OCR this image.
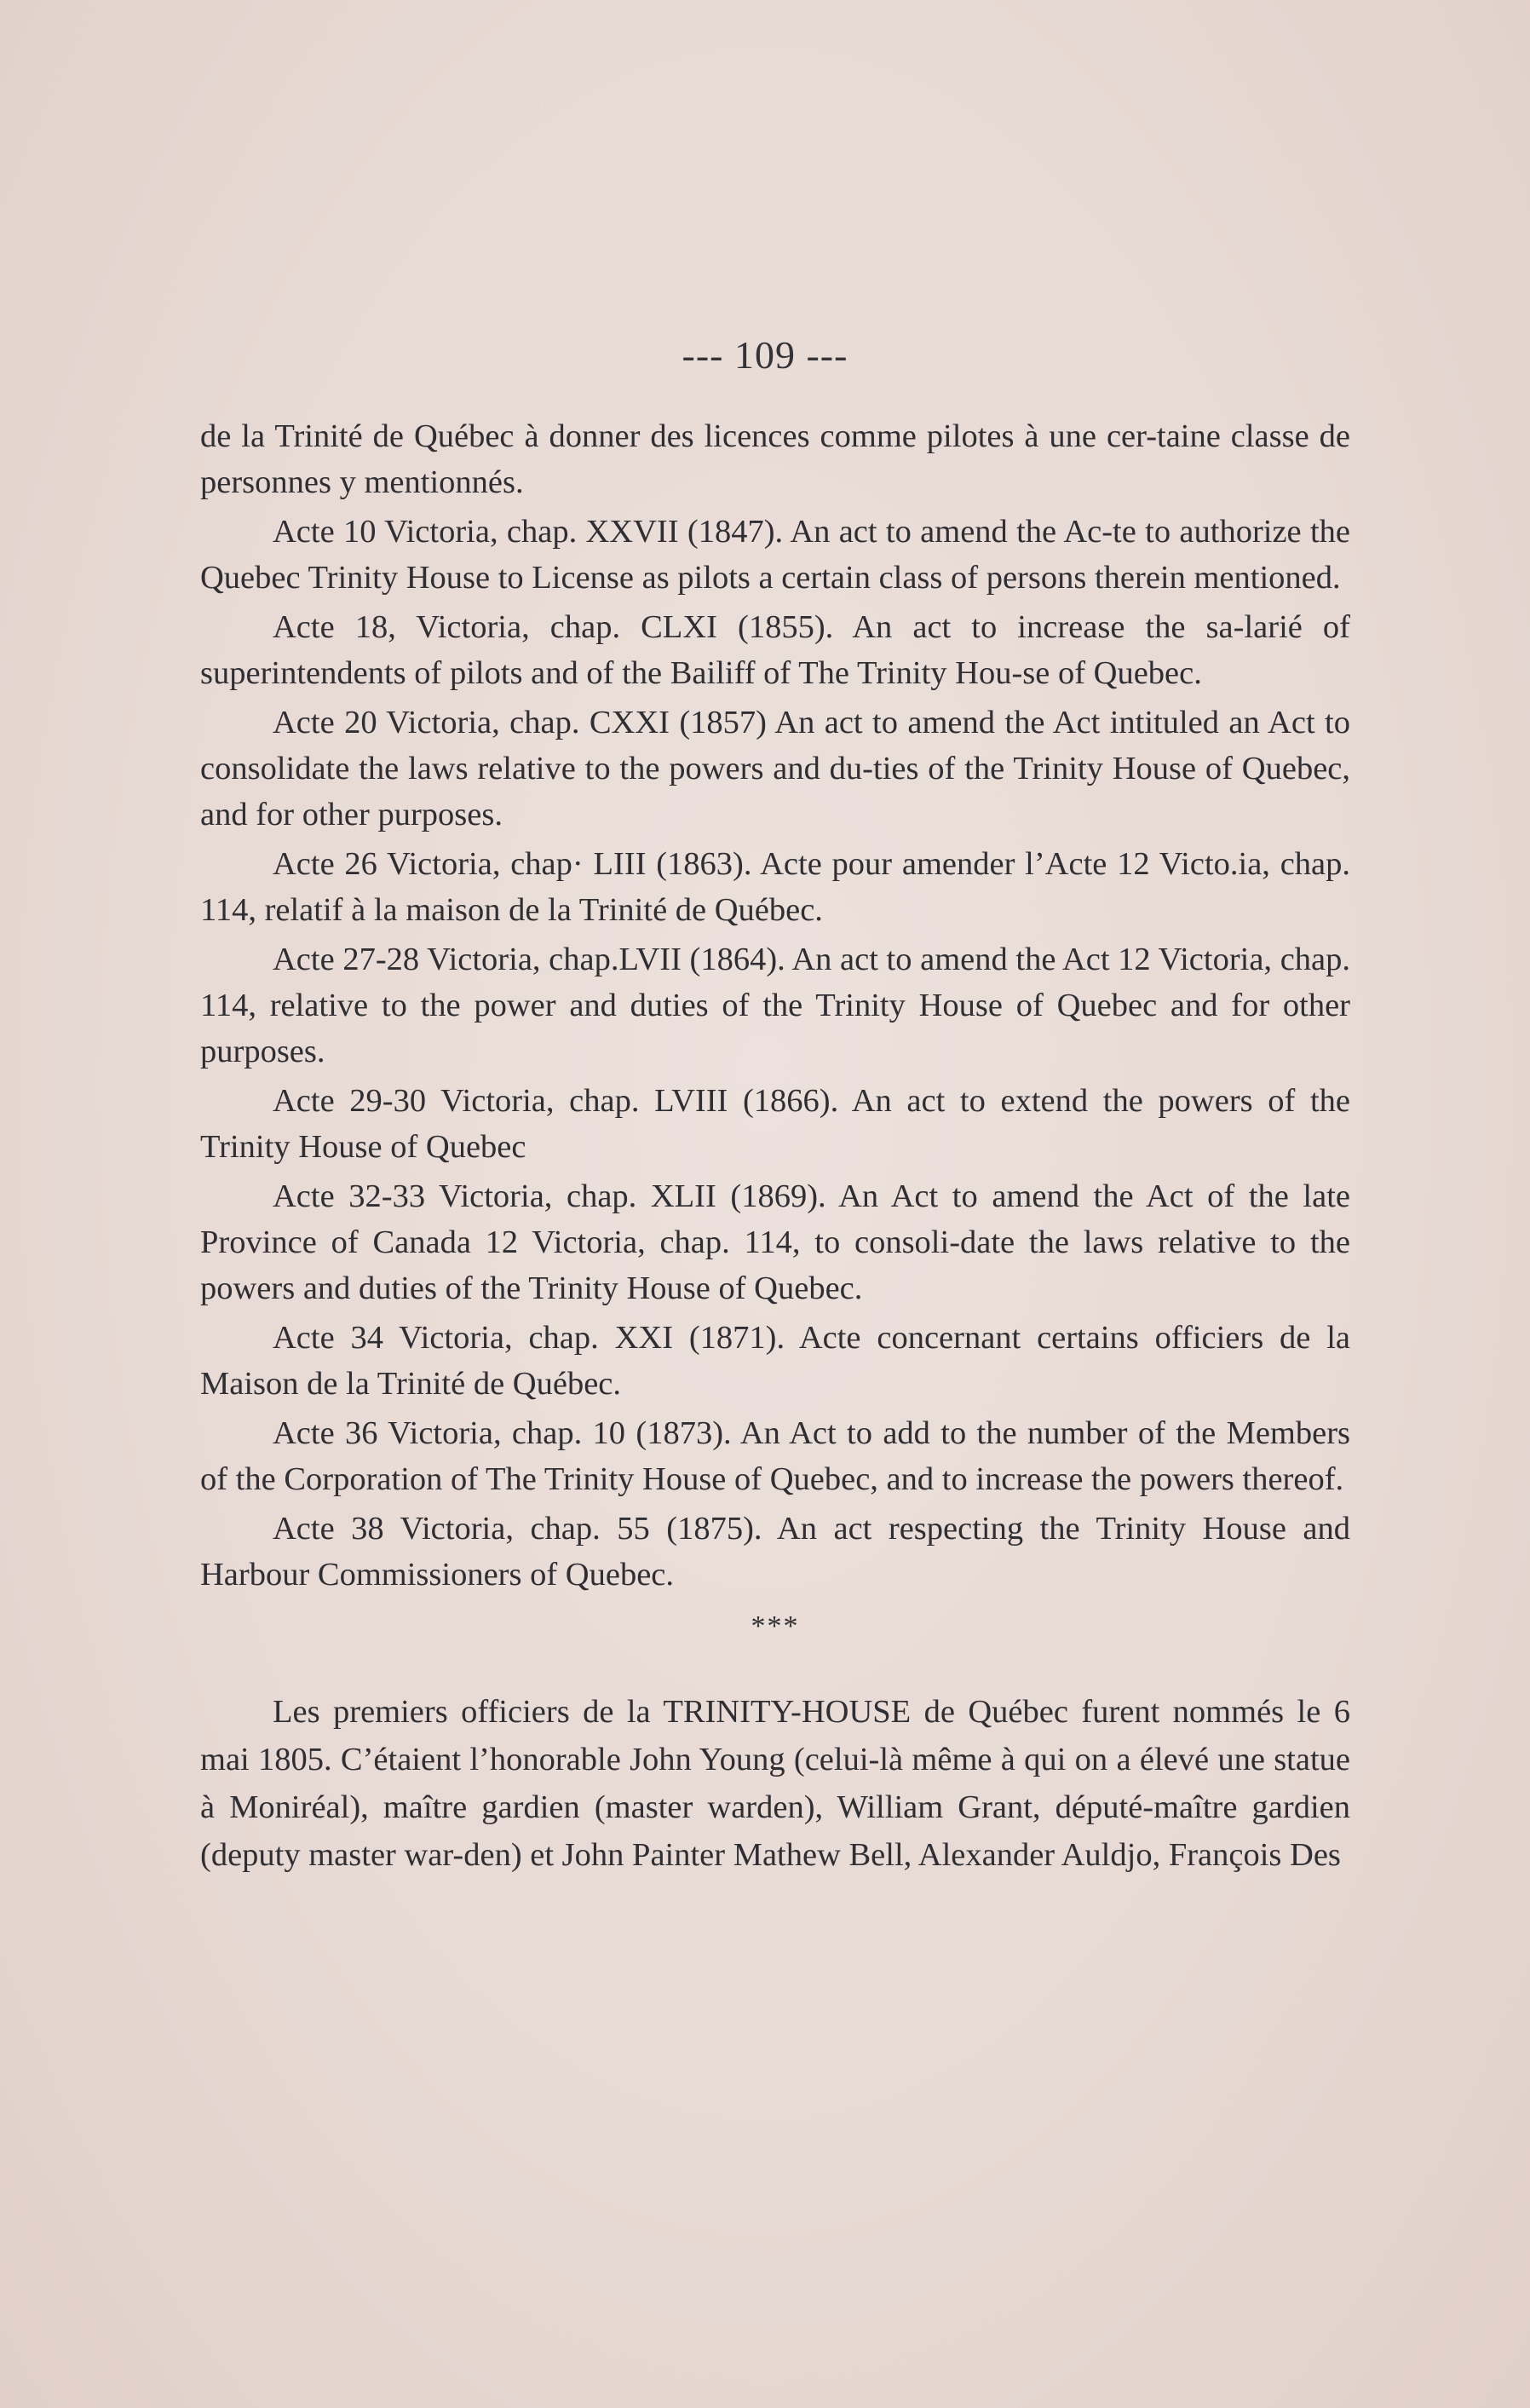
--- 109 ---

de la Trinité de Québec à donner des licences comme pilotes à une cer-taine classe de personnes y mentionnés.

Acte 10 Victoria, chap. XXVII (1847). An act to amend the Ac-te to authorize the Quebec Trinity House to License as pilots a certain class of persons therein mentioned.

Acte 18, Victoria, chap. CLXI (1855). An act to increase the sa-larié of superintendents of pilots and of the Bailiff of The Trinity Hou-se of Quebec.

Acte 20 Victoria, chap. CXXI (1857) An act to amend the Act intituled an Act to consolidate the laws relative to the powers and du-ties of the Trinity House of Quebec, and for other purposes.

Acte 26 Victoria, chap· LIII (1863). Acte pour amender l’Acte 12 Victo.ia, chap. 114, relatif à la maison de la Trinité de Québec.

Acte 27-28 Victoria, chap.LVII (1864). An act to amend the Act 12 Victoria, chap. 114, relative to the power and duties of the Trinity House of Quebec and for other purposes.

Acte 29-30 Victoria, chap. LVIII (1866). An act to extend the powers of the Trinity House of Quebec

Acte 32-33 Victoria, chap. XLII (1869). An Act to amend the Act of the late Province of Canada 12 Victoria, chap. 114, to consoli-date the laws relative to the powers and duties of the Trinity House of Quebec.

Acte 34 Victoria, chap. XXI (1871). Acte concernant certains officiers de la Maison de la Trinité de Québec.

Acte 36 Victoria, chap. 10 (1873). An Act to add to the number of the Members of the Corporation of The Trinity House of Quebec, and to increase the powers thereof.

Acte 38 Victoria, chap. 55 (1875). An act respecting the Trinity House and Harbour Commissioners of Quebec.

***

Les premiers officiers de la TRINITY-HOUSE de Québec furent nommés le 6 mai 1805. C’étaient l’honorable John Young (celui-là même à qui on a élevé une statue à Moniréal), maître gardien (master warden), William Grant, député-maître gardien (deputy master war-den) et John Painter Mathew Bell, Alexander Auldjo, François Des
